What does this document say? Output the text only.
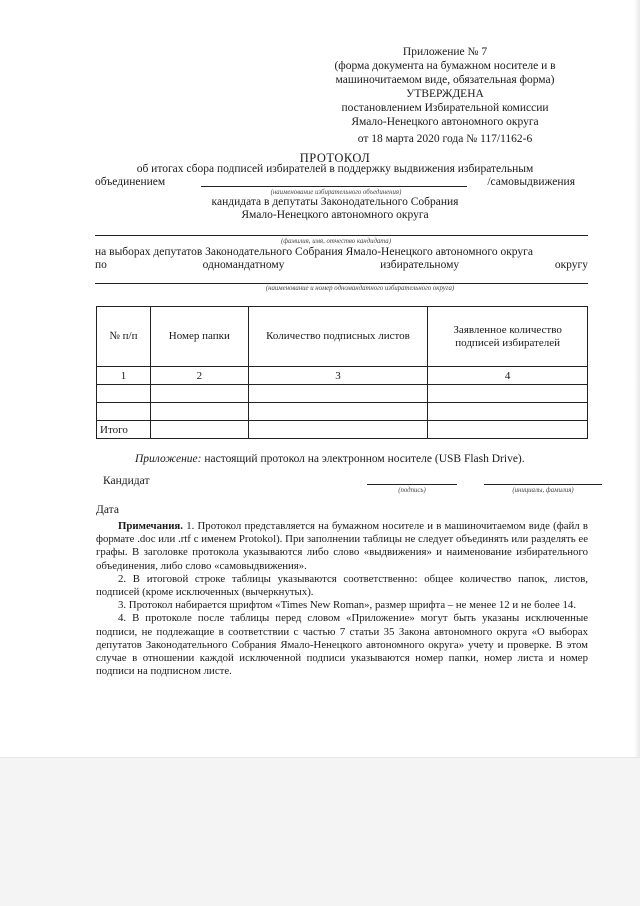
Приложение № 7
(форма документа на бумажном носителе и в
машиночитаемом виде, обязательная форма)
УТВЕРЖДЕНА
постановлением Избирательной комиссии
Ямало-Ненецкого автономного округа
от 18 марта 2020 года № 117/1162-6
ПРОТОКОЛ
об итогах сбора подписей избирателей в поддержку выдвижения избирательным
объединением	/самовыдвижения
(наименование избирательного объединения)
кандидата в депутаты Законодательного Собрания
Ямало-Ненецкого автономного округа
(фамилия, имя, отчество кандидата)
на выборах депутатов Законодательного Собрания Ямало-Ненецкого автономного округа
по	одномандатному	избирательному	округу
(наименование и номер одномандатного избирательного округа)
№ п/п	Номер папки	Количество подписных листов	Заявленное количество подписей избирателей
1	2	3	4

Итого			
Приложение: настоящий протокол на электронном носителе (USB Flash Drive).
Кандидат
(подпись)	(инициалы, фамилия)
Дата

Примечания. 1. Протокол представляется на бумажном носителе и в машиночитаемом виде (файл в формате .doc или .rtf с именем Protokol). При заполнении таблицы не следует объединять или разделять ее графы. В заголовке протокола указываются либо слово «выдвижения» и наименование избирательного объединения, либо слово «самовыдвижения».

2. В итоговой строке таблицы указываются соответственно: общее количество папок, листов, подписей (кроме исключенных (вычеркнутых).

3. Протокол набирается шрифтом «Times New Roman», размер шрифта – не менее 12 и не более 14.

4. В протоколе после таблицы перед словом «Приложение» могут быть указаны исключенные подписи, не подлежащие в соответствии с частью 7 статьи 35 Закона автономного округа «О выборах депутатов Законодательного Собрания Ямало-Ненецкого автономного округа» учету и проверке. В этом случае в отношении каждой исключенной подписи указываются номер папки, номер листа и номер подписи на подписном листе.
